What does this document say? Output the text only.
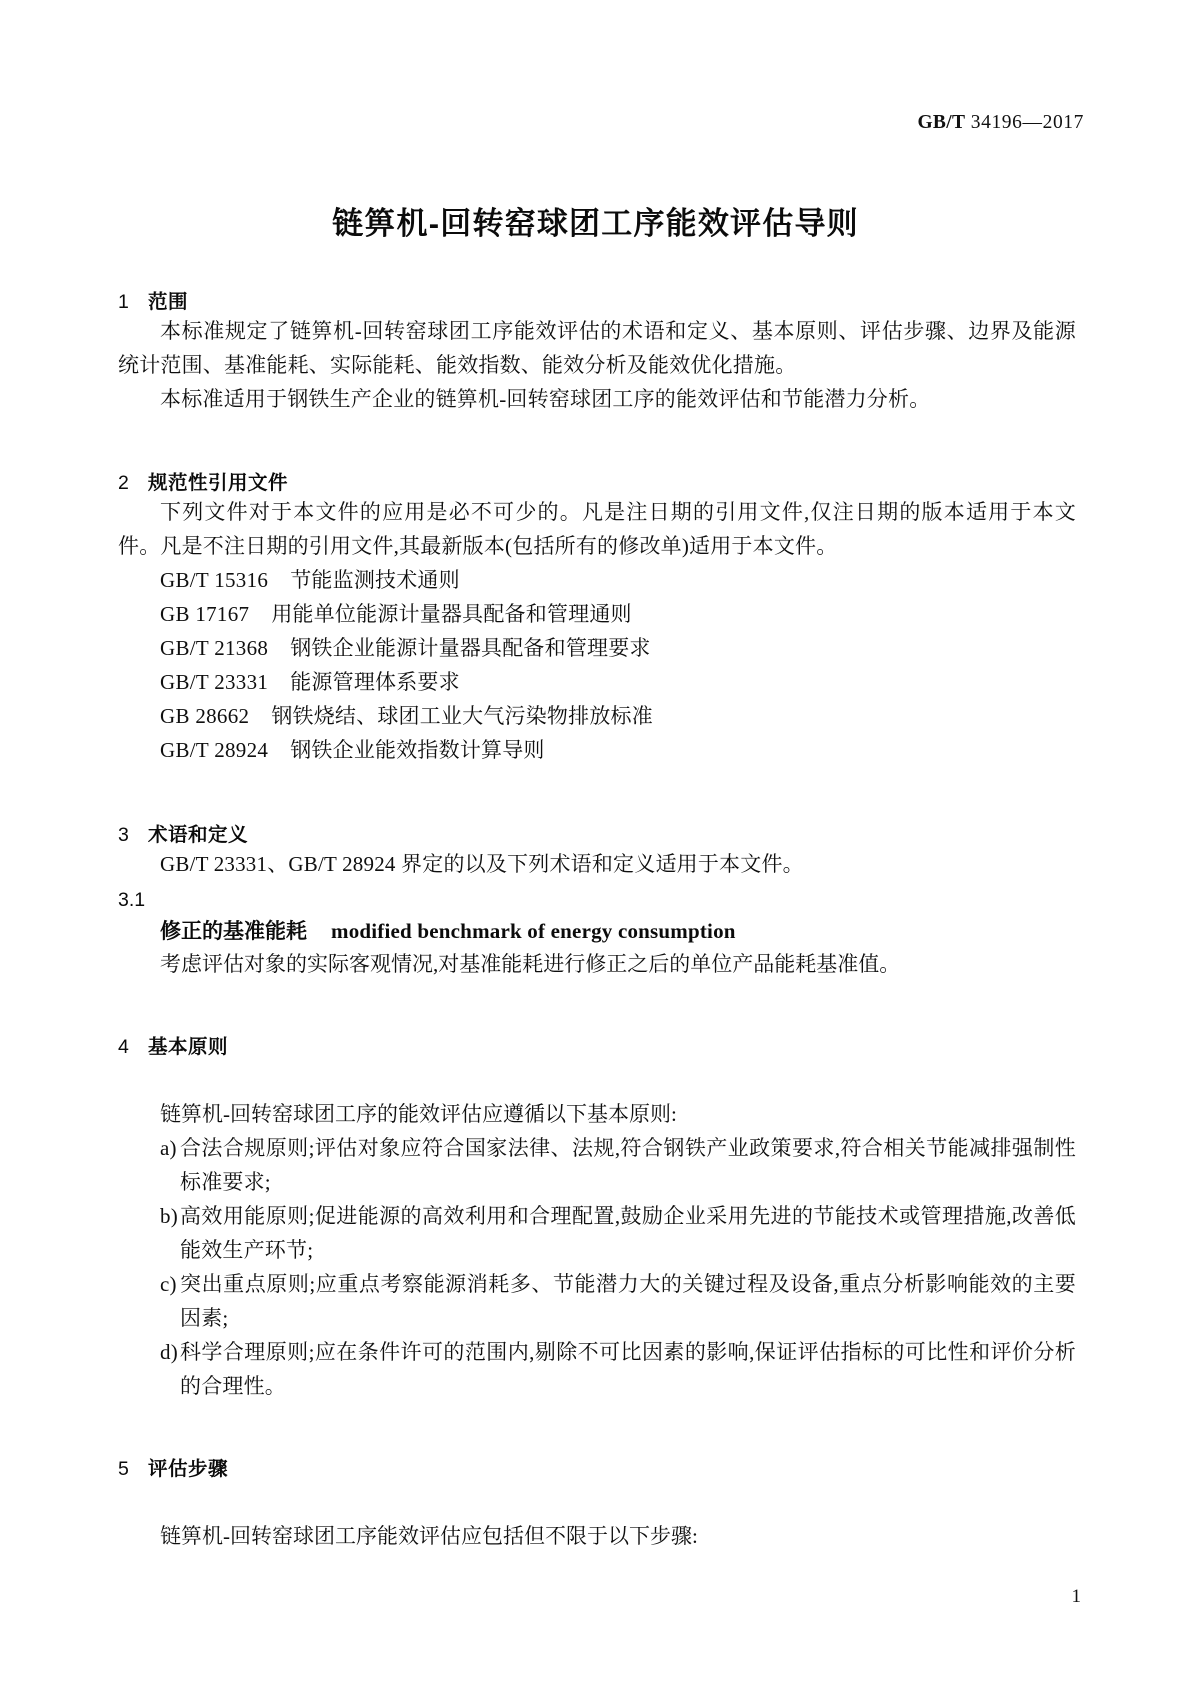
GB/T 34196—2017
链箅机-回转窑球团工序能效评估导则
1 范围

本标准规定了链箅机-回转窑球团工序能效评估的术语和定义、基本原则、评估步骤、边界及能源统计范围、基准能耗、实际能耗、能效指数、能效分析及能效优化措施。

本标准适用于钢铁生产企业的链箅机-回转窑球团工序的能效评估和节能潜力分析。

2 规范性引用文件

下列文件对于本文件的应用是必不可少的。凡是注日期的引用文件,仅注日期的版本适用于本文件。凡是不注日期的引用文件,其最新版本(包括所有的修改单)适用于本文件。

GB/T 15316 节能监测技术通则
GB 17167 用能单位能源计量器具配备和管理通则
GB/T 21368 钢铁企业能源计量器具配备和管理要求
GB/T 23331 能源管理体系要求
GB 28662 钢铁烧结、球团工业大气污染物排放标准
GB/T 28924 钢铁企业能效指数计算导则
3 术语和定义

GB/T 23331、GB/T 28924 界定的以及下列术语和定义适用于本文件。

3.1
修正的基准能耗 modified benchmark of energy consumption
考虑评估对象的实际客观情况,对基准能耗进行修正之后的单位产品能耗基准值。
4 基本原则
链箅机-回转窑球团工序的能效评估应遵循以下基本原则:
a) 合法合规原则;评估对象应符合国家法律、法规,符合钢铁产业政策要求,符合相关节能减排强制性标准要求;
b) 高效用能原则;促进能源的高效利用和合理配置,鼓励企业采用先进的节能技术或管理措施,改善低能效生产环节;
c) 突出重点原则;应重点考察能源消耗多、节能潜力大的关键过程及设备,重点分析影响能效的主要因素;
d) 科学合理原则;应在条件许可的范围内,剔除不可比因素的影响,保证评估指标的可比性和评价分析的合理性。
5 评估步骤
链箅机-回转窑球团工序能效评估应包括但不限于以下步骤:
1
